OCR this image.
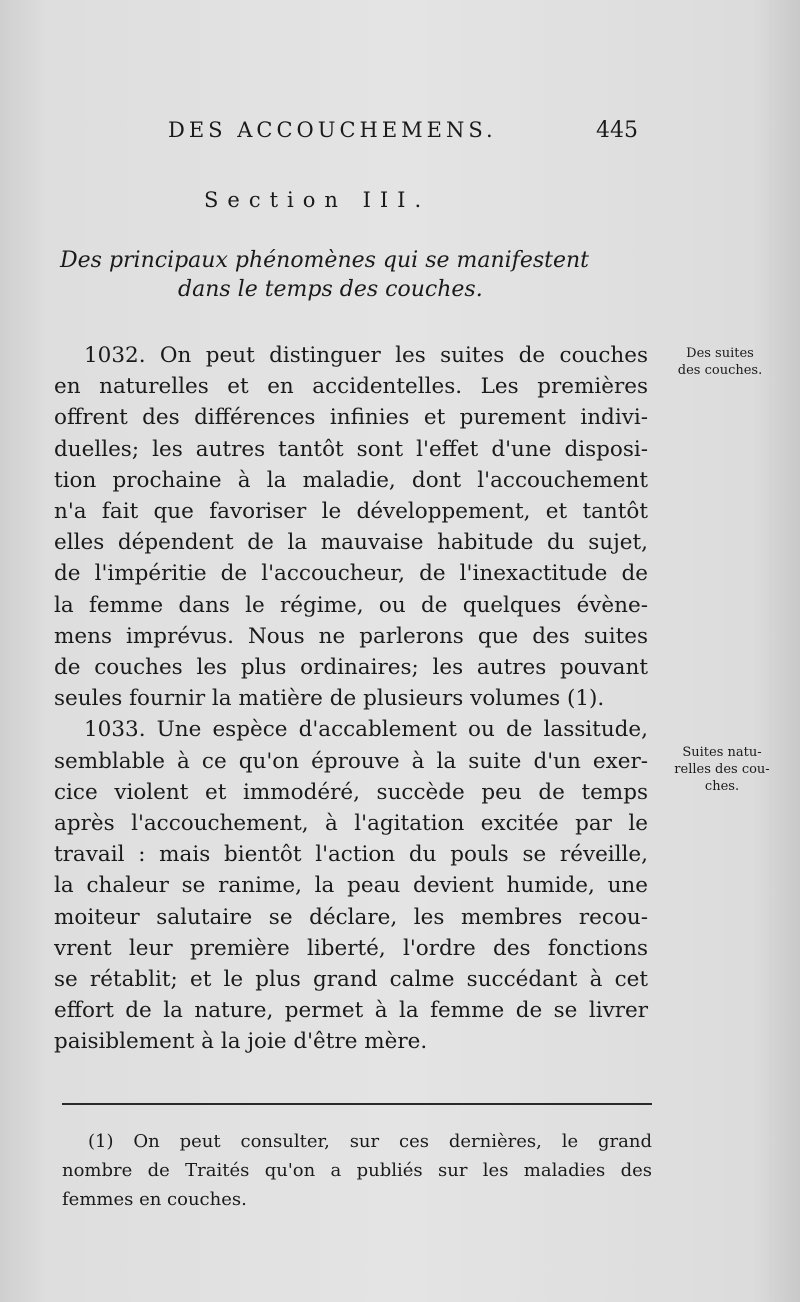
DES ACCOUCHEMENS.	445
Section III.
Des principaux phénomènes qui se manifestent
dans le temps des couches.

1032. On peut distinguer les suites de couches
en naturelles et en accidentelles. Les premières
offrent des différences infinies et purement indivi-
duelles; les autres tantôt sont l'effet d'une disposi-
tion prochaine à la maladie, dont l'accouchement
n'a fait que favoriser le développement, et tantôt
elles dépendent de la mauvaise habitude du sujet,
de l'impéritie de l'accoucheur, de l'inexactitude de
la femme dans le régime, ou de quelques évène-
mens imprévus. Nous ne parlerons que des suites
de couches les plus ordinaires; les autres pouvant
seules fournir la matière de plusieurs volumes (1).

1033. Une espèce d'accablement ou de lassitude,
semblable à ce qu'on éprouve à la suite d'un exer-
cice violent et immodéré, succède peu de temps
après l'accouchement, à l'agitation excitée par le
travail : mais bientôt l'action du pouls se réveille,
la chaleur se ranime, la peau devient humide, une
moiteur salutaire se déclare, les membres recou-
vrent leur première liberté, l'ordre des fonctions
se rétablit; et le plus grand calme succédant à cet
effort de la nature, permet à la femme de se livrer
paisiblement à la joie d'être mère.

Des suites
des couches.
Suites natu-
relles des cou-
ches.
(1) On peut consulter, sur ces dernières, le grand
nombre de Traités qu'on a publiés sur les maladies des
femmes en couches.
